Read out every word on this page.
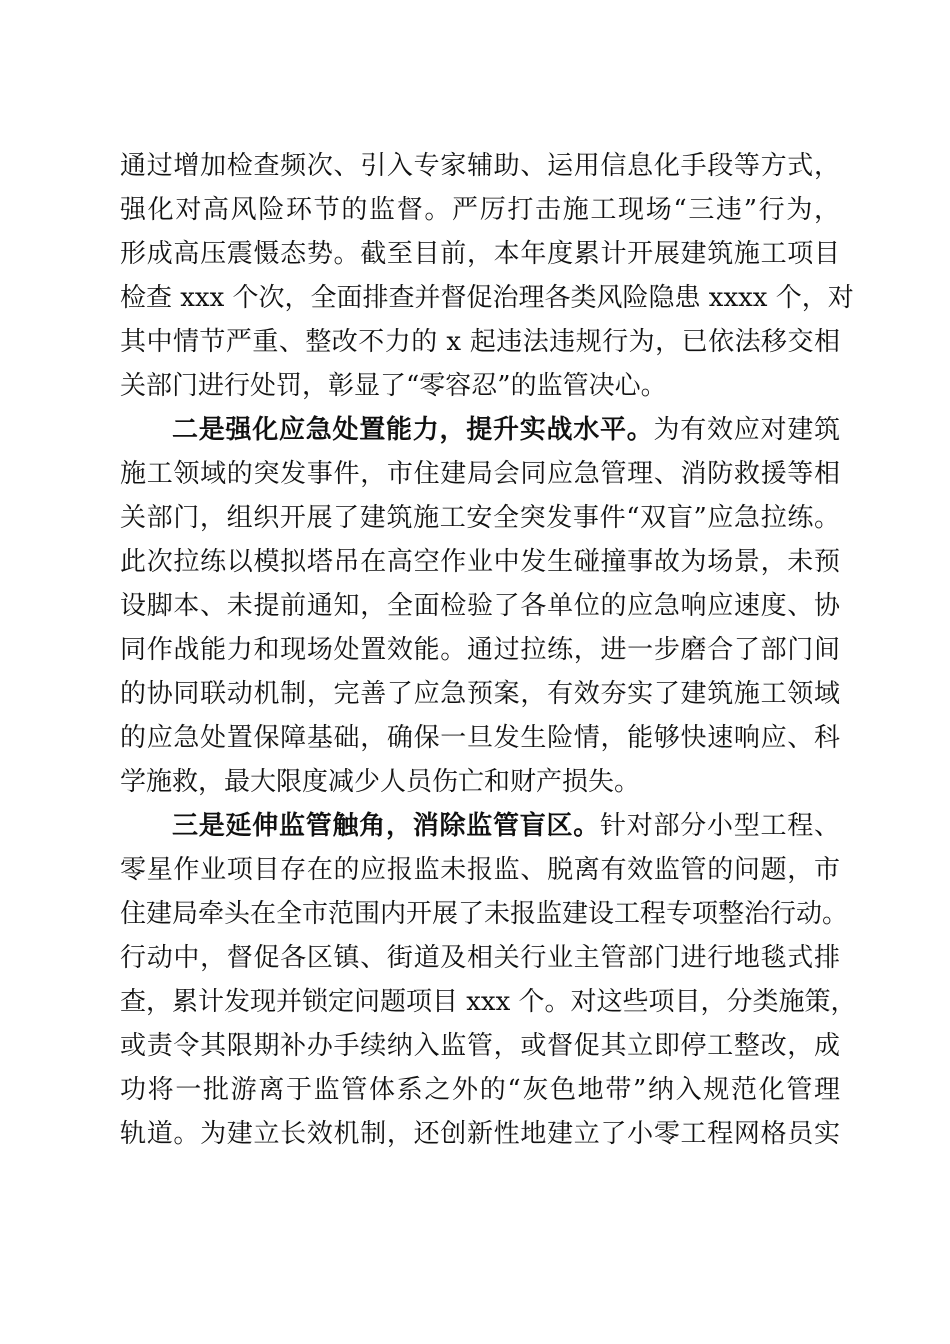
通过增加检查频次、引入专家辅助、运用信息化手段等方式，
强化对高风险环节的监督。严厉打击施工现场“三违”行为，
形成高压震慑态势。截至目前，本年度累计开展建筑施工项目
检查 xxx 个次，全面排查并督促治理各类风险隐患 xxxx 个，对
其中情节严重、整改不力的 x 起违法违规行为，已依法移交相
关部门进行处罚，彰显了“零容忍”的监管决心。
二是强化应急处置能力，提升实战水平。为有效应对建筑
施工领域的突发事件，市住建局会同应急管理、消防救援等相
关部门，组织开展了建筑施工安全突发事件“双盲”应急拉练。
此次拉练以模拟塔吊在高空作业中发生碰撞事故为场景，未预
设脚本、未提前通知，全面检验了各单位的应急响应速度、协
同作战能力和现场处置效能。通过拉练，进一步磨合了部门间
的协同联动机制，完善了应急预案，有效夯实了建筑施工领域
的应急处置保障基础，确保一旦发生险情，能够快速响应、科
学施救，最大限度减少人员伤亡和财产损失。
三是延伸监管触角，消除监管盲区。针对部分小型工程、
零星作业项目存在的应报监未报监、脱离有效监管的问题，市
住建局牵头在全市范围内开展了未报监建设工程专项整治行动。
行动中，督促各区镇、街道及相关行业主管部门进行地毯式排
查，累计发现并锁定问题项目 xxx 个。对这些项目，分类施策，
或责令其限期补办手续纳入监管，或督促其立即停工整改，成
功将一批游离于监管体系之外的“灰色地带”纳入规范化管理
轨道。为建立长效机制，还创新性地建立了小零工程网格员实
